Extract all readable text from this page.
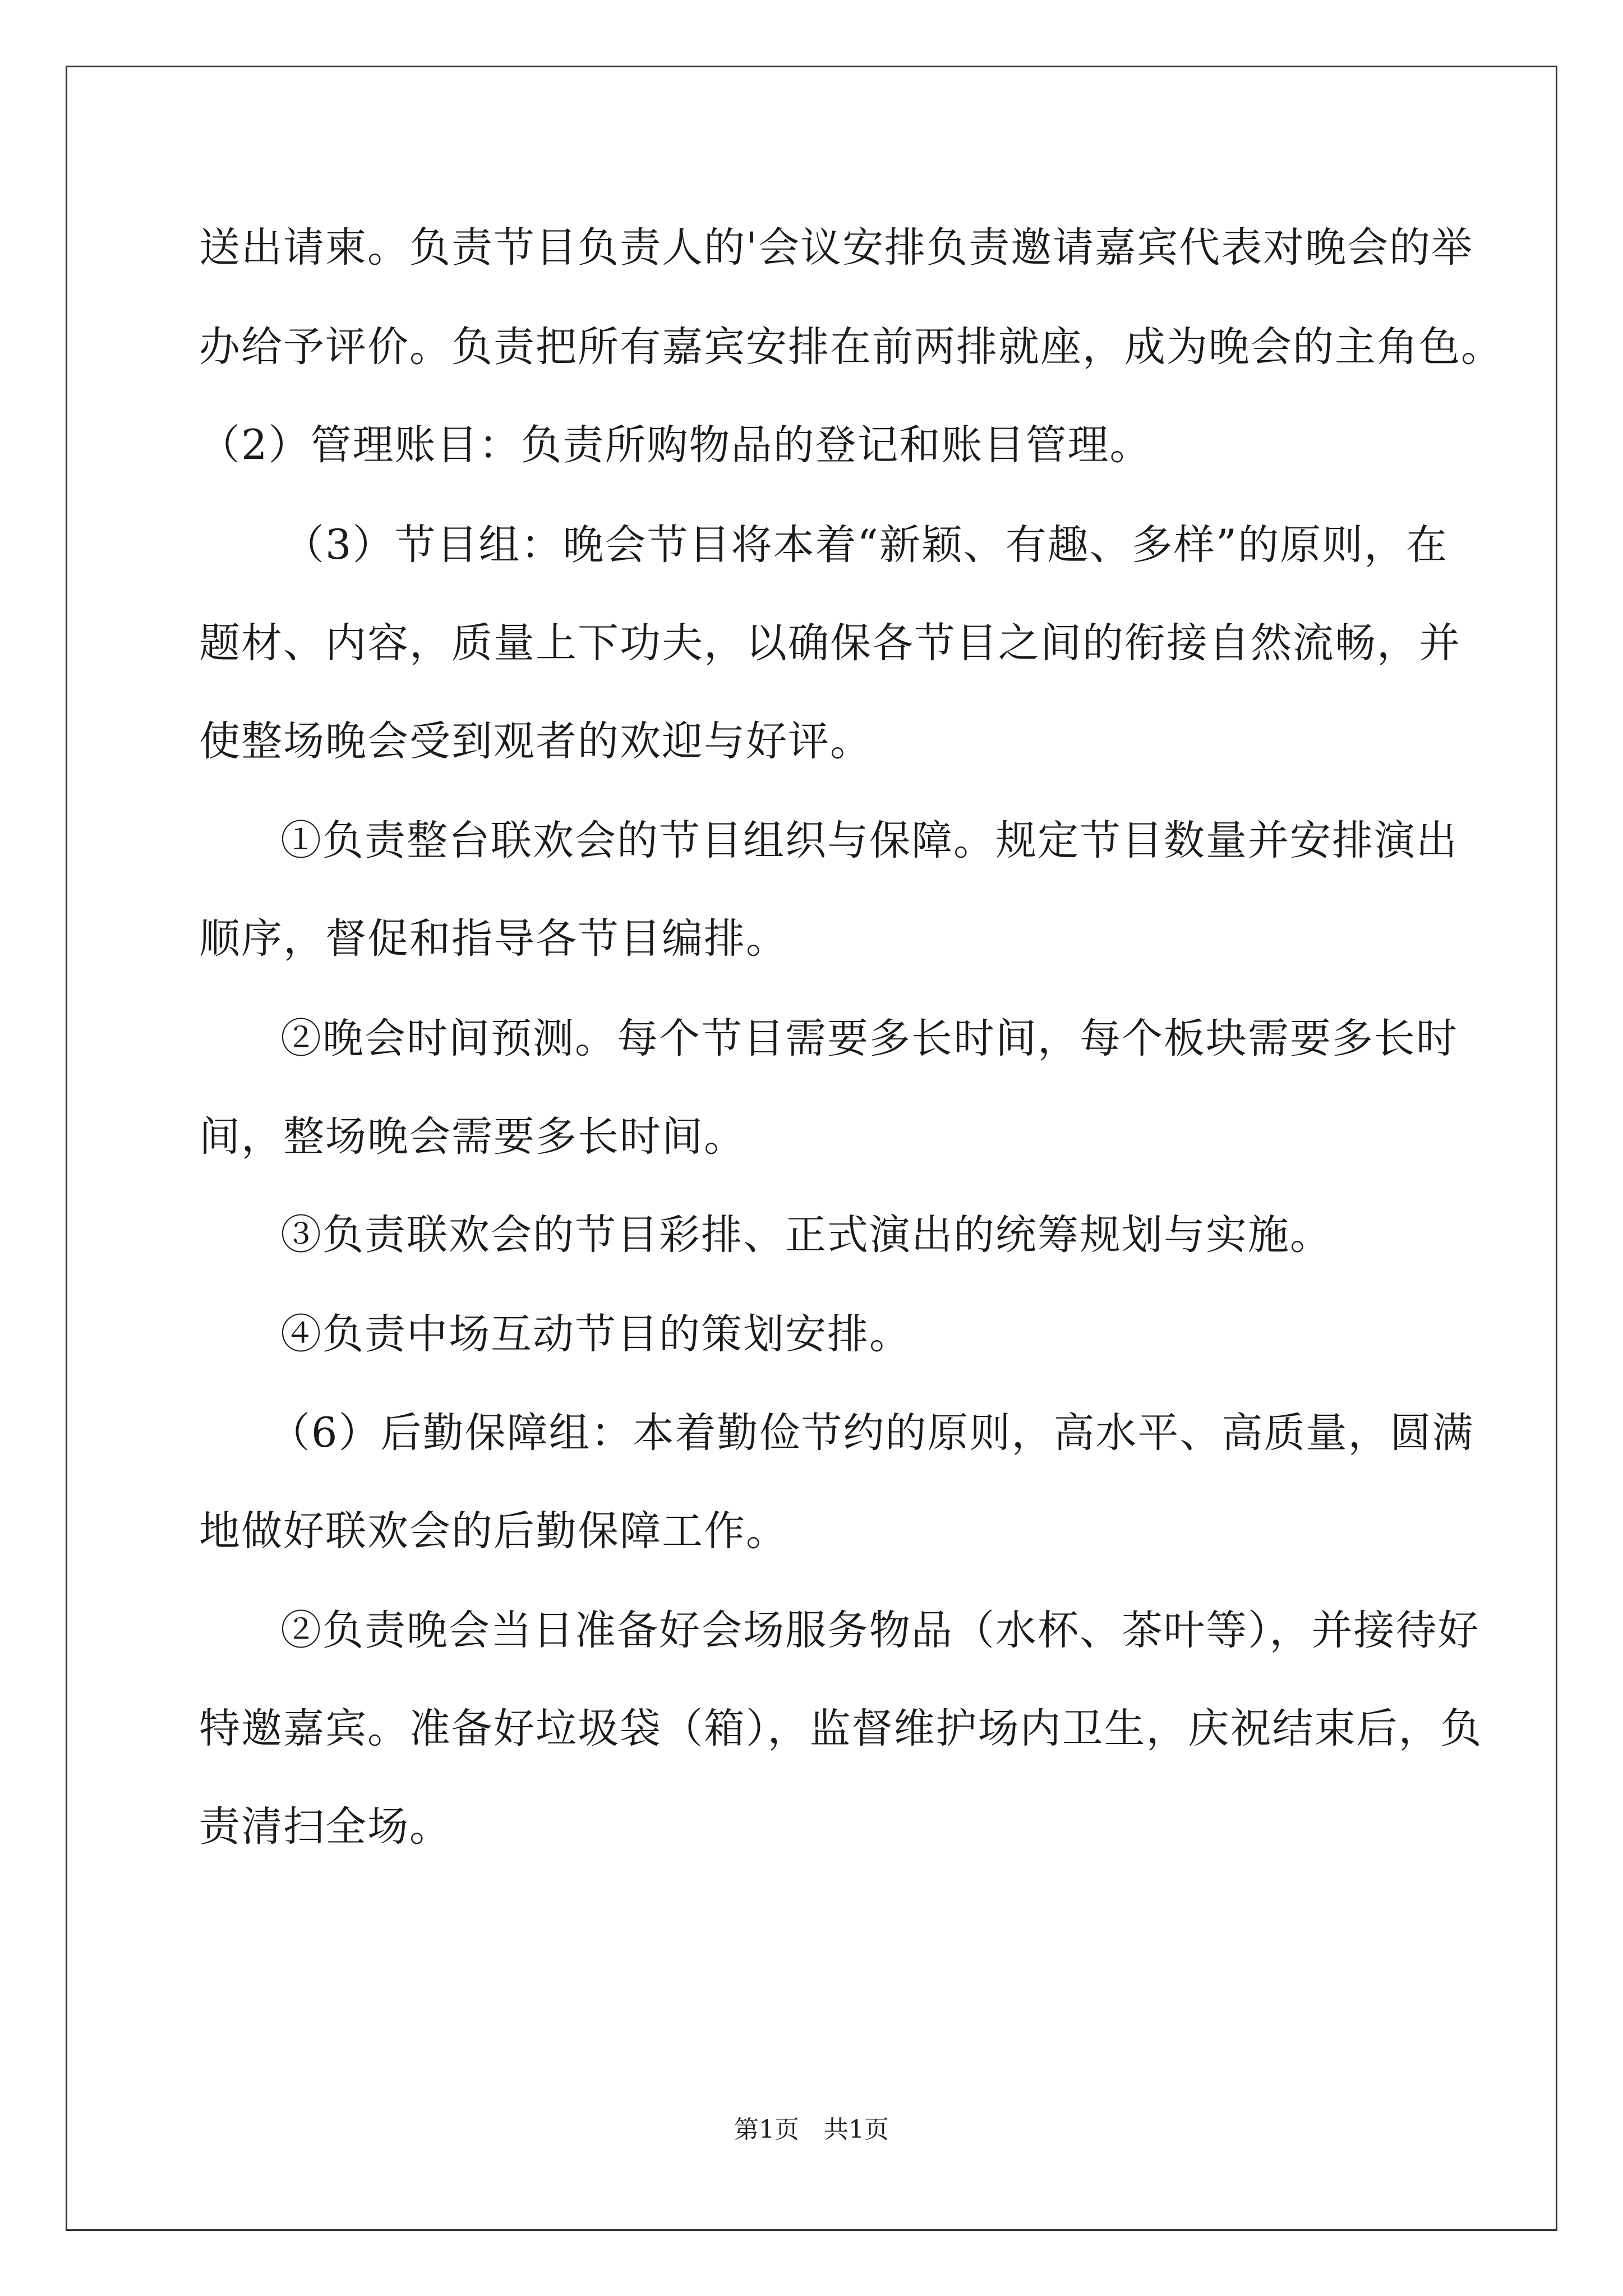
送出请柬。负责节目负责人的'会议安排负责邀请嘉宾代表对晚会的举
办给予评价。负责把所有嘉宾安排在前两排就座，成为晚会的主角色。
（2）管理账目：负责所购物品的登记和账目管理。
（3）节目组：晚会节目将本着“新颖、有趣、多样”的原则，在
题材、内容，质量上下功夫，以确保各节目之间的衔接自然流畅，并
使整场晚会受到观者的欢迎与好评。
①负责整台联欢会的节目组织与保障。规定节目数量并安排演出
顺序，督促和指导各节目编排。
②晚会时间预测。每个节目需要多长时间，每个板块需要多长时
间，整场晚会需要多长时间。
③负责联欢会的节目彩排、正式演出的统筹规划与实施。
④负责中场互动节目的策划安排。
（6）后勤保障组：本着勤俭节约的原则，高水平、高质量，圆满
地做好联欢会的后勤保障工作。
②负责晚会当日准备好会场服务物品（水杯、茶叶等），并接待好
特邀嘉宾。准备好垃圾袋（箱），监督维护场内卫生，庆祝结束后，负
责清扫全场。
第1页　共1页
